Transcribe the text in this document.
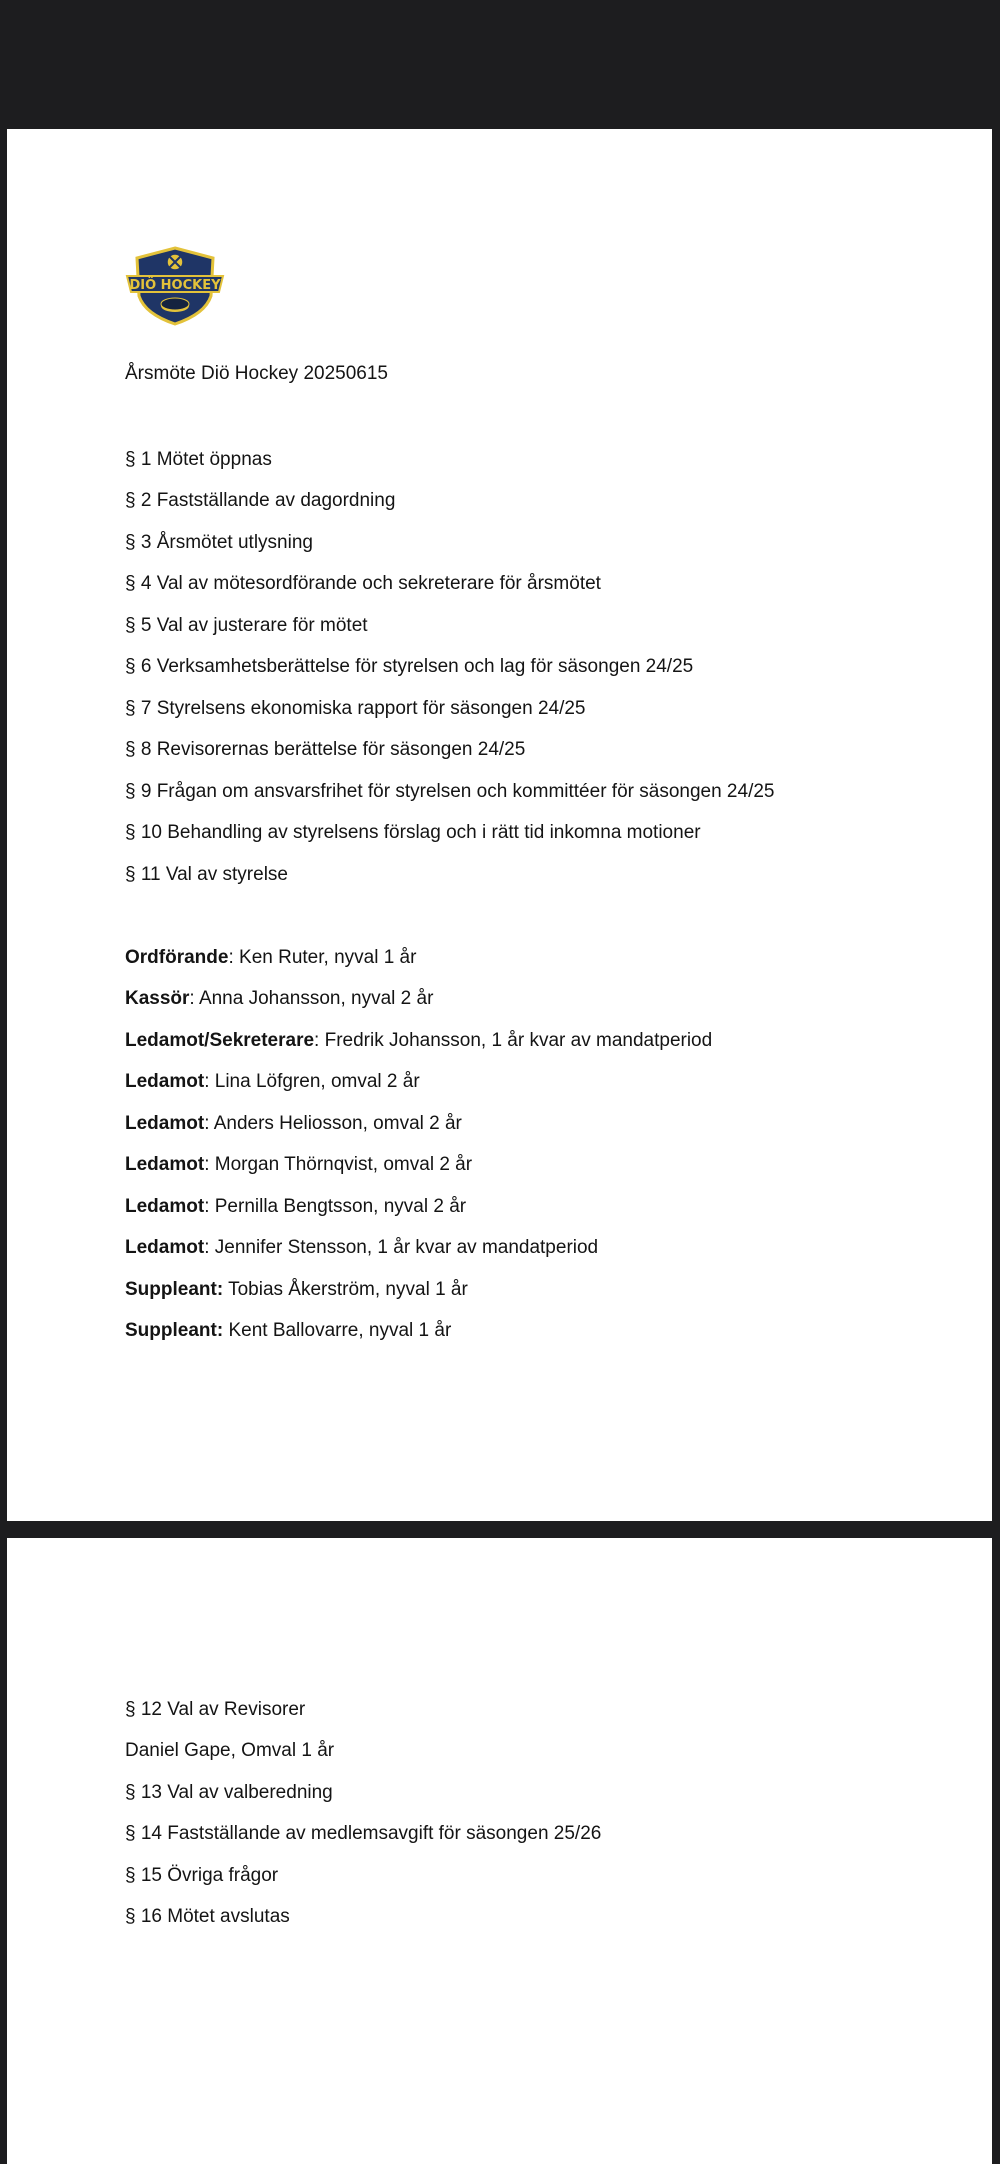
DIÖ HOCKEY
Årsmöte Diö Hockey 20250615
§ 1 Mötet öppnas
§ 2 Fastställande av dagordning
§ 3 Årsmötet utlysning
§ 4 Val av mötesordförande och sekreterare för årsmötet
§ 5 Val av justerare för mötet
§ 6 Verksamhetsberättelse för styrelsen och lag för säsongen 24/25
§ 7 Styrelsens ekonomiska rapport för säsongen 24/25
§ 8 Revisorernas berättelse för säsongen 24/25
§ 9 Frågan om ansvarsfrihet för styrelsen och kommittéer för säsongen 24/25
§ 10 Behandling av styrelsens förslag och i rätt tid inkomna motioner
§ 11 Val av styrelse
Ordförande: Ken Ruter, nyval 1 år
Kassör: Anna Johansson, nyval 2 år
Ledamot/Sekreterare: Fredrik Johansson, 1 år kvar av mandatperiod
Ledamot: Lina Löfgren, omval 2 år
Ledamot: Anders Heliosson, omval 2 år
Ledamot: Morgan Thörnqvist, omval 2 år
Ledamot: Pernilla Bengtsson, nyval 2 år
Ledamot: Jennifer Stensson, 1 år kvar av mandatperiod
Suppleant: Tobias Åkerström, nyval 1 år
Suppleant: Kent Ballovarre, nyval 1 år
§ 12 Val av Revisorer
Daniel Gape, Omval 1 år
§ 13 Val av valberedning
§ 14 Fastställande av medlemsavgift för säsongen 25/26
§ 15 Övriga frågor
§ 16 Mötet avslutas
